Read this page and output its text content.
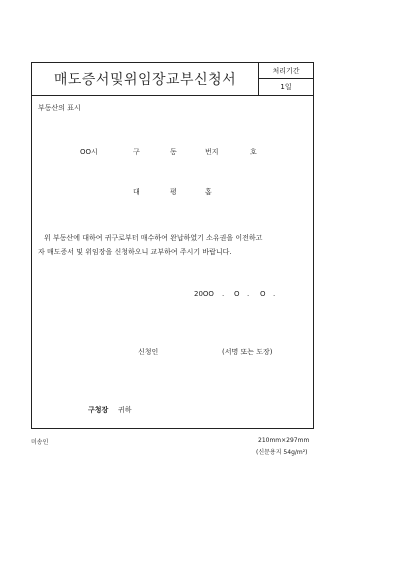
매도증서및위임장교부신청서
처리기간
1일
부동산의 표시
OO시	구	동	번지	호
대	평	홉
위 부동산에 대하여 귀구로부터 매수하여 완납하였기 소유권을 이전하고
자 매도증서 및 위임장을 신청하오니 교부하여 주시기 바랍니다.
20OO . O . O .
신청인	(서명 또는 도장)
구청장 귀하
미송인	210mm×297mm
(신문용지 54g/m²)
